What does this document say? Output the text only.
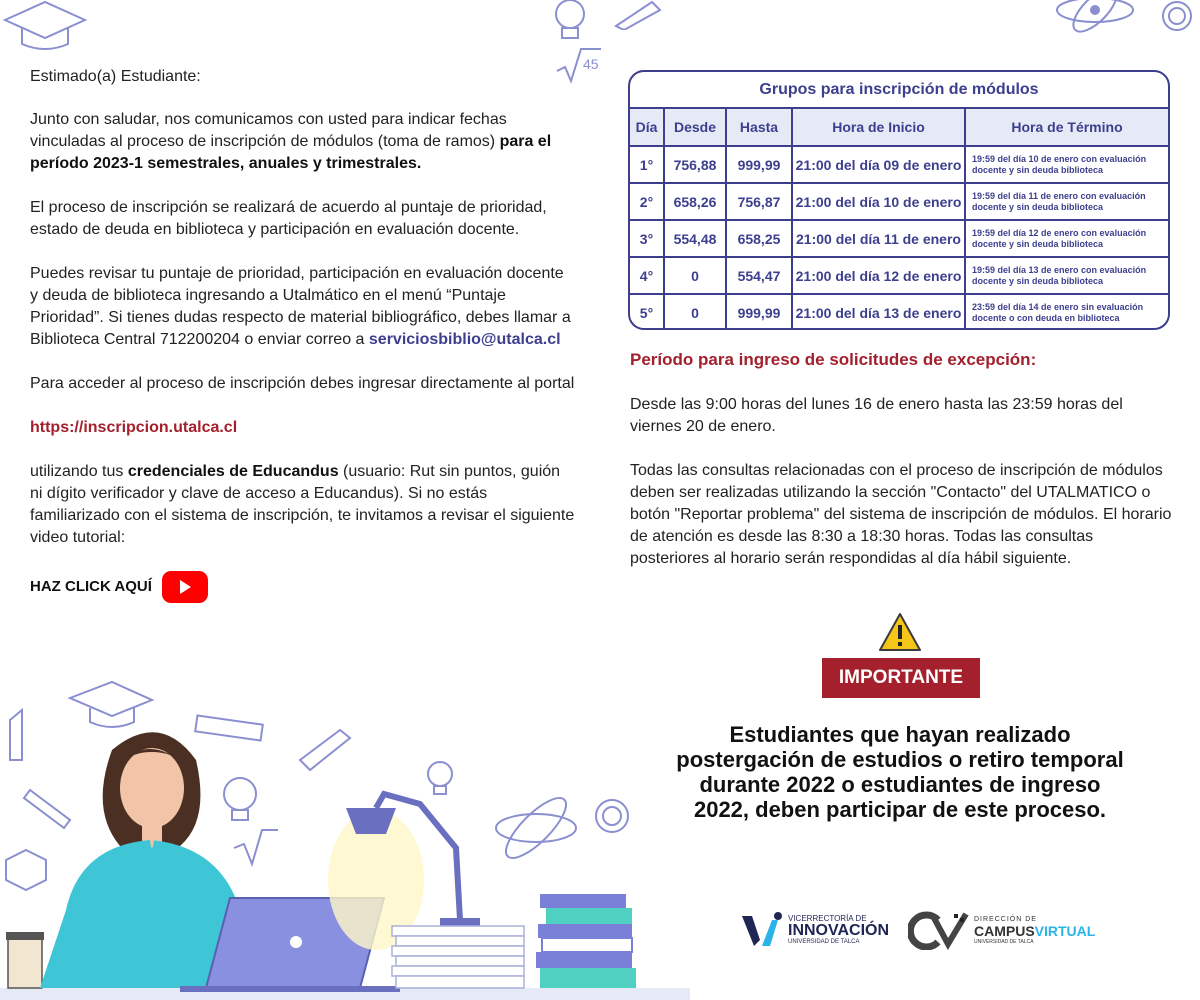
45

Estimado(a) Estudiante:

Junto con saludar, nos comunicamos con usted para indicar fechas vinculadas al proceso de inscripción de módulos (toma de ramos) para el período 2023-1 semestrales, anuales y trimestrales.

El proceso de inscripción se realizará de acuerdo al puntaje de prioridad, estado de deuda en biblioteca y participación en evaluación docente.

Puedes revisar tu puntaje de prioridad, participación en evaluación docente y deuda de biblioteca ingresando a Utalmático en el menú “Puntaje Prioridad”. Si tienes dudas respecto de material bibliográfico, debes llamar a Biblioteca Central 712200204 o enviar correo a serviciosbiblio@utalca.cl

Para acceder al proceso de inscripción debes ingresar directamente al portal

https://inscripcion.utalca.cl

utilizando tus credenciales de Educandus (usuario: Rut sin puntos, guión ni dígito verificador y clave de acceso a Educandus). Si no estás familiarizado con el sistema de inscripción, te invitamos a revisar el siguiente video tutorial:

HAZ CLICK AQUÍ
Grupos para inscripción de módulos
Día	Desde	Hasta	Hora de Inicio	Hora de Término
1°	756,88	999,99	21:00 del día 09 de enero	19:59 del día 10 de enero con evaluación docente y sin deuda biblioteca
2°	658,26	756,87	21:00 del día 10 de enero	19:59 del día 11 de enero con evaluación docente y sin deuda biblioteca
3°	554,48	658,25	21:00 del día 11 de enero	19:59 del día 12 de enero con evaluación docente y sin deuda biblioteca
4°	0	554,47	21:00 del día 12 de enero	19:59 del día 13 de enero con evaluación docente y sin deuda biblioteca
5°	0	999,99	21:00 del día 13 de enero	23:59 del día 14 de enero sin evaluación docente o con deuda en biblioteca
Período para ingreso de solicitudes de excepción:
Desde las 9:00 horas del lunes 16 de enero hasta las 23:59 horas del viernes 20 de enero.
Todas las consultas relacionadas con el proceso de inscripción de módulos deben ser realizadas utilizando la sección "Contacto" del UTALMATICO o botón "Reportar problema" del sistema de inscripción de módulos. El horario de atención es desde las 8:30 a 18:30 horas. Todas las consultas posteriores al horario serán respondidas al día hábil siguiente.
IMPORTANTE
Estudiantes que hayan realizado postergación de estudios o retiro temporal durante 2022 o estudiantes de ingreso 2022, deben participar de este proceso.
VICERRECTORÍA DE
INNOVACIÓN
UNIVERSIDAD DE TALCA
DIRECCIÓN DE
CAMPUSVIRTUAL
UNIVERSIDAD DE TALCA
